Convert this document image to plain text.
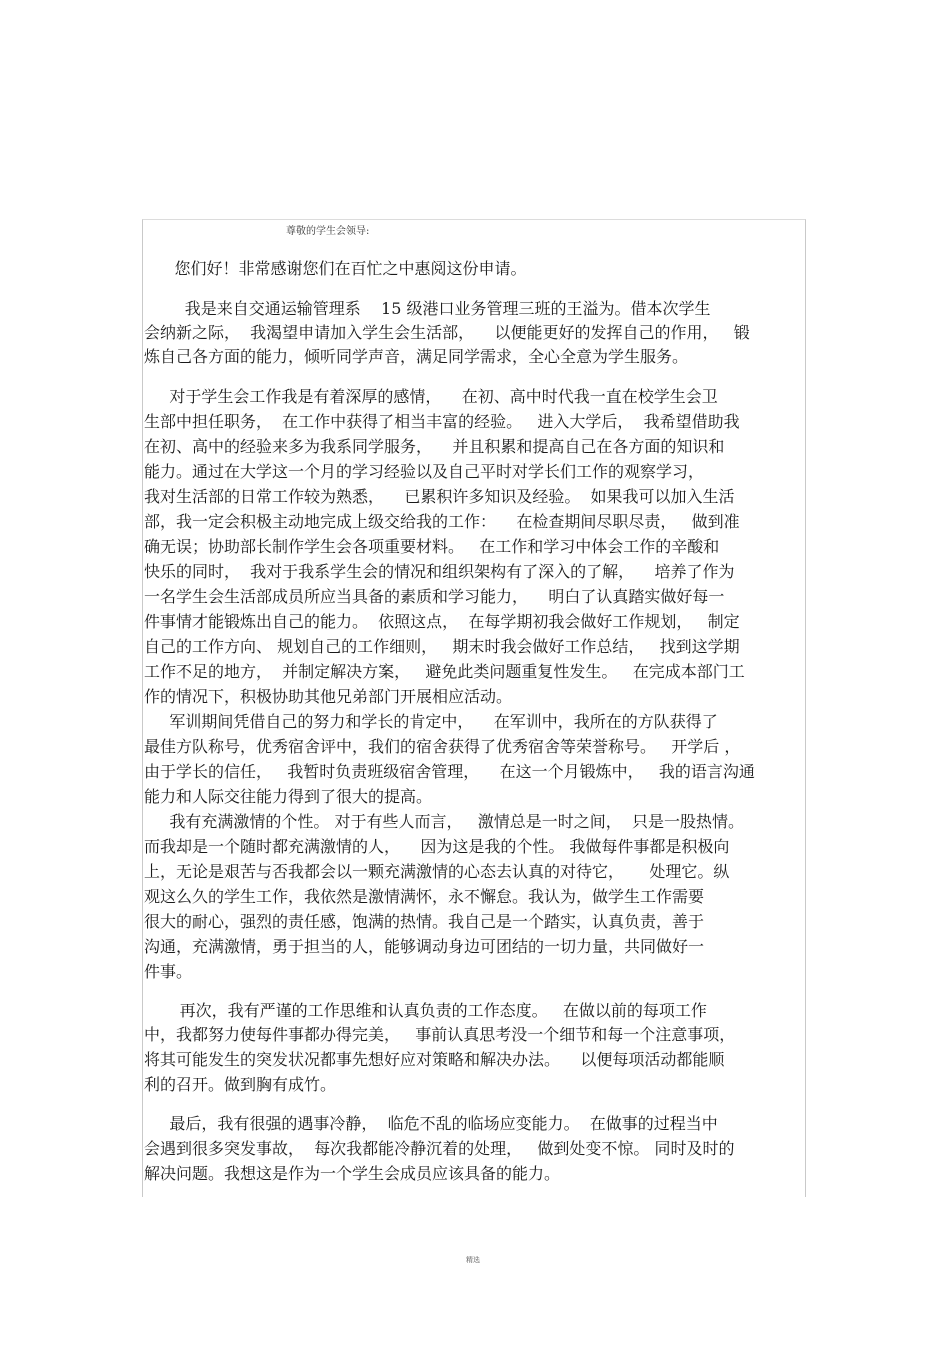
尊敬的学生会领导:
您们好！非常感谢您们在百忙之中惠阅这份申请。
我是来自交通运输管理系    15 级港口业务管理三班的王溢为。借本次学生
会纳新之际，  我渴望申请加入学生会生活部，    以便能更好的发挥自己的作用，   锻
炼自己各方面的能力，倾听同学声音，满足同学需求，全心全意为学生服务。
对于学生会工作我是有着深厚的感情，    在初、高中时代我一直在校学生会卫
生部中担任职务，  在工作中获得了相当丰富的经验。   进入大学后，  我希望借助我
在初、高中的经验来多为我系同学服务，    并且积累和提高自己在各方面的知识和
能力。通过在大学这一个月的学习经验以及自己平时对学长们工作的观察学习，
我对生活部的日常工作较为熟悉，    已累积许多知识及经验。  如果我可以加入生活
部，我一定会积极主动地完成上级交给我的工作：    在检查期间尽职尽责，   做到准
确无误；协助部长制作学生会各项重要材料。   在工作和学习中体会工作的辛酸和
快乐的同时，  我对于我系学生会的情况和组织架构有了深入的了解，    培养了作为
一名学生会生活部成员所应当具备的素质和学习能力，    明白了认真踏实做好每一
件事情才能锻炼出自己的能力。  依照这点，  在每学期初我会做好工作规划，   制定
自己的工作方向、 规划自己的工作细则，   期末时我会做好工作总结，   找到这学期
工作不足的地方，  并制定解决方案，   避免此类问题重复性发生。   在完成本部门工
作的情况下，积极协助其他兄弟部门开展相应活动。
军训期间凭借自己的努力和学长的肯定中，    在军训中，我所在的方队获得了
最佳方队称号，优秀宿舍评中，我们的宿舍获得了优秀宿舍等荣誉称号。   开学后 ，
由于学长的信任，   我暂时负责班级宿舍管理，    在这一个月锻炼中，   我的语言沟通
能力和人际交往能力得到了很大的提高。
我有充满激情的个性。 对于有些人而言，   激情总是一时之间，  只是一股热情。
而我却是一个随时都充满激情的人，    因为这是我的个性。 我做每件事都是积极向
上，无论是艰苦与否我都会以一颗充满激情的心态去认真的对待它，     处理它。纵
观这么久的学生工作，我依然是激情满怀，永不懈怠。我认为，做学生工作需要
很大的耐心，强烈的责任感，饱满的热情。我自己是一个踏实，认真负责，善于
沟通，充满激情，勇于担当的人，能够调动身边可团结的一切力量，共同做好一
件事。
再次，我有严谨的工作思维和认真负责的工作态度。   在做以前的每项工作
中，我都努力使每件事都办得完美，   事前认真思考没一个细节和每一个注意事项，
将其可能发生的突发状况都事先想好应对策略和解决办法。    以便每项活动都能顺
利的召开。做到胸有成竹。
最后，我有很强的遇事冷静，  临危不乱的临场应变能力。  在做事的过程当中
会遇到很多突发事故，  每次我都能冷静沉着的处理，   做到处变不惊。 同时及时的
解决问题。我想这是作为一个学生会成员应该具备的能力。
精选
